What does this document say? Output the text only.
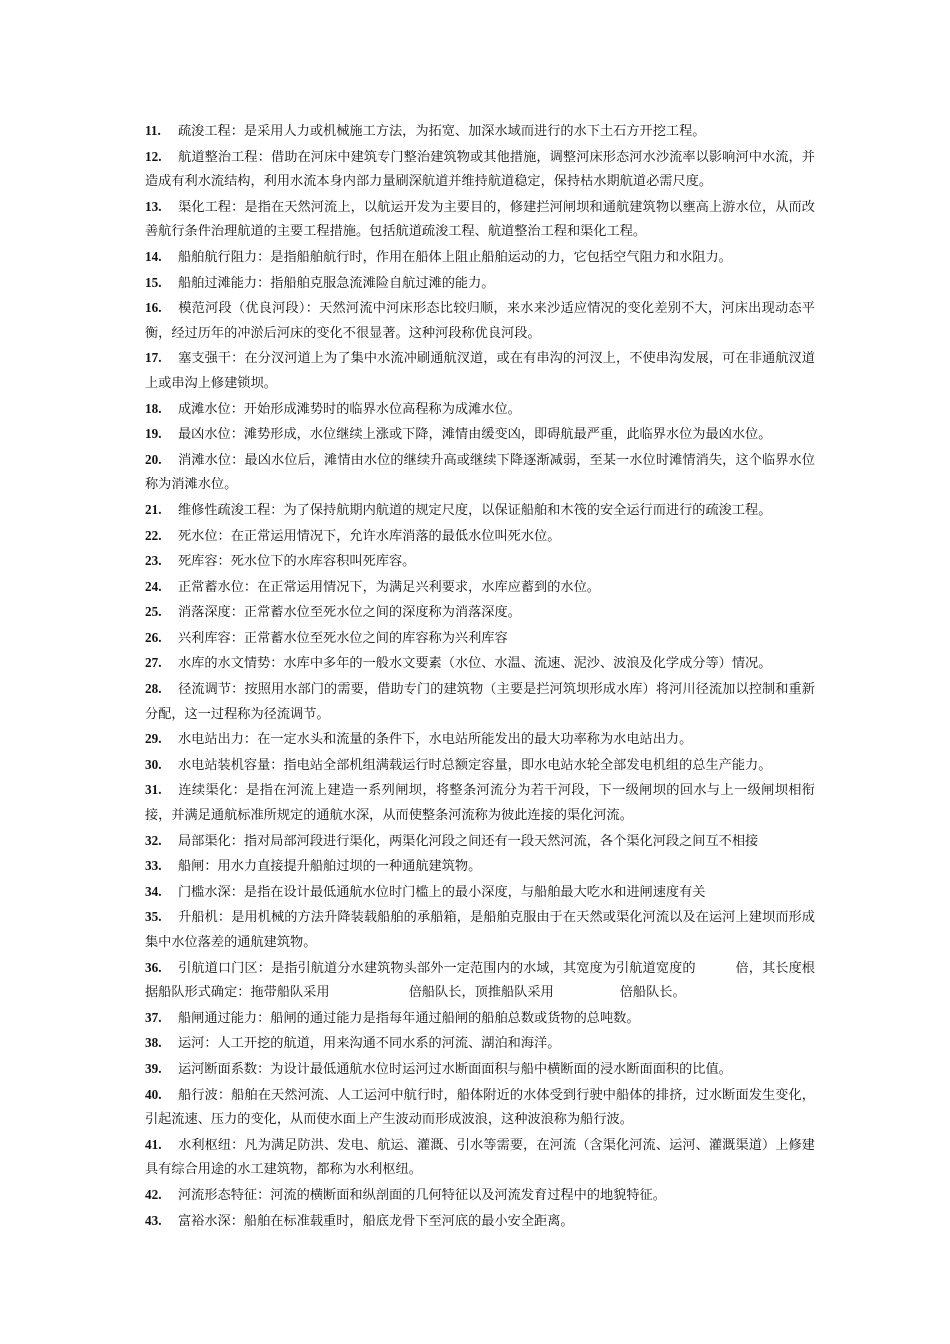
11. 疏浚工程：是采用人力或机械施工方法，为拓宽、加深水域而进行的水下土石方开挖工程。

12. 航道整治工程：借助在河床中建筑专门整治建筑物或其他措施，调整河床形态河水沙流率以影响河中水流，并造成有利水流结构，利用水流本身内部力量刷深航道并维持航道稳定，保持枯水期航道必需尺度。

13. 渠化工程：是指在天然河流上，以航运开发为主要目的，修建拦河闸坝和通航建筑物以壅高上游水位，从而改善航行条件治理航道的主要工程措施。包括航道疏浚工程、航道整治工程和渠化工程。

14. 船舶航行阻力：是指船舶航行时，作用在船体上阻止船舶运动的力，它包括空气阻力和水阻力。

15. 船舶过滩能力：指船舶克服急流滩险自航过滩的能力。

16. 模范河段（优良河段）：天然河流中河床形态比较归顺，来水来沙适应情况的变化差别不大，河床出现动态平衡，经过历年的冲淤后河床的变化不很显著。这种河段称优良河段。

17. 塞支强干：在分汊河道上为了集中水流冲刷通航汊道，或在有串沟的河汊上，不使串沟发展，可在非通航汊道上或串沟上修建锁坝。

18. 成滩水位：开始形成滩势时的临界水位高程称为成滩水位。

19. 最凶水位：滩势形成，水位继续上涨或下降，滩情由缓变凶，即碍航最严重，此临界水位为最凶水位。

20. 消滩水位：最凶水位后，滩情由水位的继续升高或继续下降逐渐减弱，至某一水位时滩情消失，这个临界水位称为消滩水位。

21. 维修性疏浚工程：为了保持航期内航道的规定尺度，以保证船舶和木筏的安全运行而进行的疏浚工程。

22. 死水位：在正常运用情况下，允许水库消落的最低水位叫死水位。

23. 死库容：死水位下的水库容积叫死库容。

24. 正常蓄水位：在正常运用情况下，为满足兴利要求，水库应蓄到的水位。

25. 消落深度：正常蓄水位至死水位之间的深度称为消落深度。

26. 兴利库容：正常蓄水位至死水位之间的库容称为兴利库容

27. 水库的水文情势：水库中多年的一般水文要素（水位、水温、流速、泥沙、波浪及化学成分等）情况。

28. 径流调节：按照用水部门的需要，借助专门的建筑物（主要是拦河筑坝形成水库）将河川径流加以控制和重新分配，这一过程称为径流调节。

29. 水电站出力：在一定水头和流量的条件下，水电站所能发出的最大功率称为水电站出力。

30. 水电站装机容量：指电站全部机组满载运行时总额定容量，即水电站水轮全部发电机组的总生产能力。

31. 连续渠化：是指在河流上建造一系列闸坝，将整条河流分为若干河段，下一级闸坝的回水与上一级闸坝相衔接，并满足通航标准所规定的通航水深，从而使整条河流称为彼此连接的渠化河流。

32. 局部渠化：指对局部河段进行渠化，两渠化河段之间还有一段天然河流，各个渠化河段之间互不相接

33. 船闸：用水力直接提升船舶过坝的一种通航建筑物。

34. 门槛水深：是指在设计最低通航水位时门槛上的最小深度，与船舶最大吃水和进闸速度有关

35. 升船机：是用机械的方法升降装载船舶的承船箱，是船舶克服由于在天然或渠化河流以及在运河上建坝而形成集中水位落差的通航建筑物。

36. 引航道口门区：是指引航道分水建筑物头部外一定范围内的水域，其宽度为引航道宽度的　　　倍，其长度根据船队形式确定：拖带船队采用　　　　　　倍船队长，顶推船队采用　　　　　倍船队长。

37. 船闸通过能力：船闸的通过能力是指每年通过船闸的船舶总数或货物的总吨数。

38. 运河：人工开挖的航道，用来沟通不同水系的河流、湖泊和海洋。

39. 运河断面系数：为设计最低通航水位时运河过水断面面积与船中横断面的浸水断面面积的比值。

40. 船行波：船舶在天然河流、人工运河中航行时，船体附近的水体受到行驶中船体的排挤，过水断面发生变化，引起流速、压力的变化，从而使水面上产生波动而形成波浪，这种波浪称为船行波。

41. 水利枢纽：凡为满足防洪、发电、航运、灌溉、引水等需要，在河流（含渠化河流、运河、灌溉渠道）上修建具有综合用途的水工建筑物，都称为水利枢纽。

42. 河流形态特征：河流的横断面和纵剖面的几何特征以及河流发育过程中的地貌特征。

43. 富裕水深：船舶在标准载重时，船底龙骨下至河底的最小安全距离。
